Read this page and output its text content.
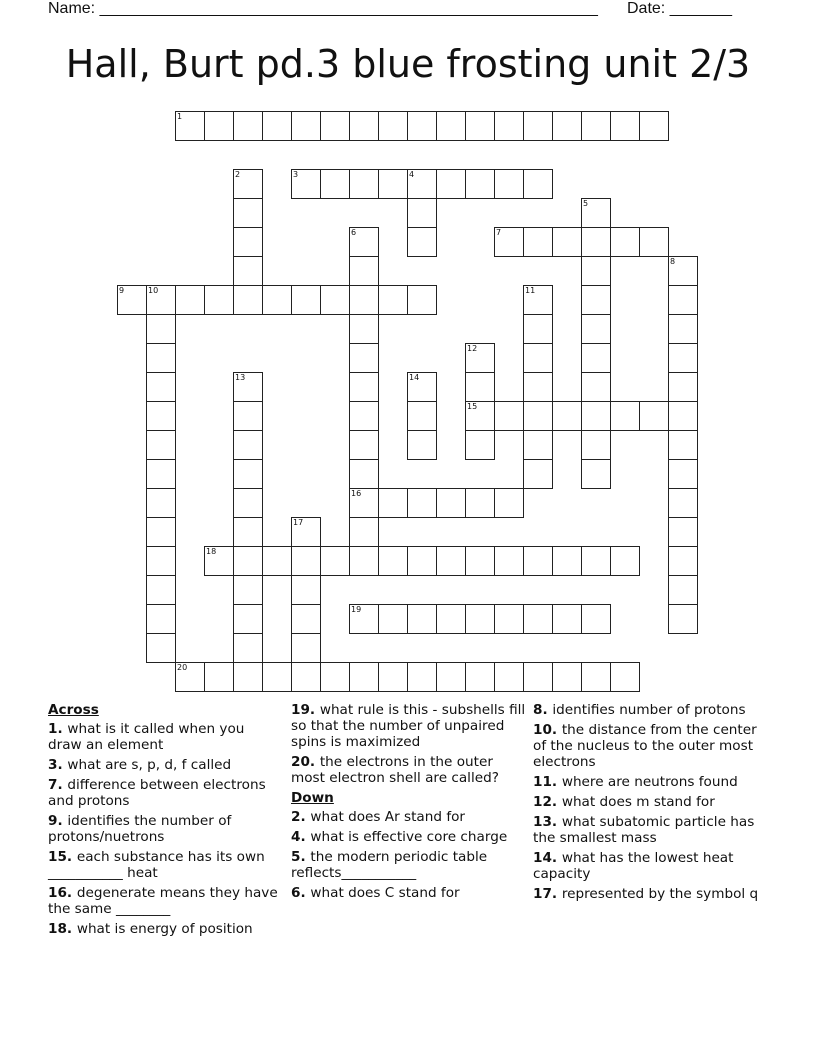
Name: ________________________________________________________ Date: _______
Hall, Burt pd.3 blue frosting unit 2/3
1
3	4
7
9	10
15
16
18
19
20
2
5
6
8
11
12
13	14
17
Across
1. what is it called when you draw an element
3. what are s, p, d, f called
7. difference between electrons and protons
9. identifies the number of protons/nuetrons
15. each substance has its own ___________ heat
16. degenerate means they have the same ________
18. what is energy of position
19. what rule is this - subshells fill so that the number of unpaired spins is maximized
20. the electrons in the outer most electron shell are called?
Down
2. what does Ar stand for
4. what is effective core charge
5. the modern periodic table reflects___________
6. what does C stand for
8. identifies number of protons
10. the distance from the center of the nucleus to the outer most electrons
11. where are neutrons found
12. what does m stand for
13. what subatomic particle has the smallest mass
14. what has the lowest heat capacity
17. represented by the symbol q
